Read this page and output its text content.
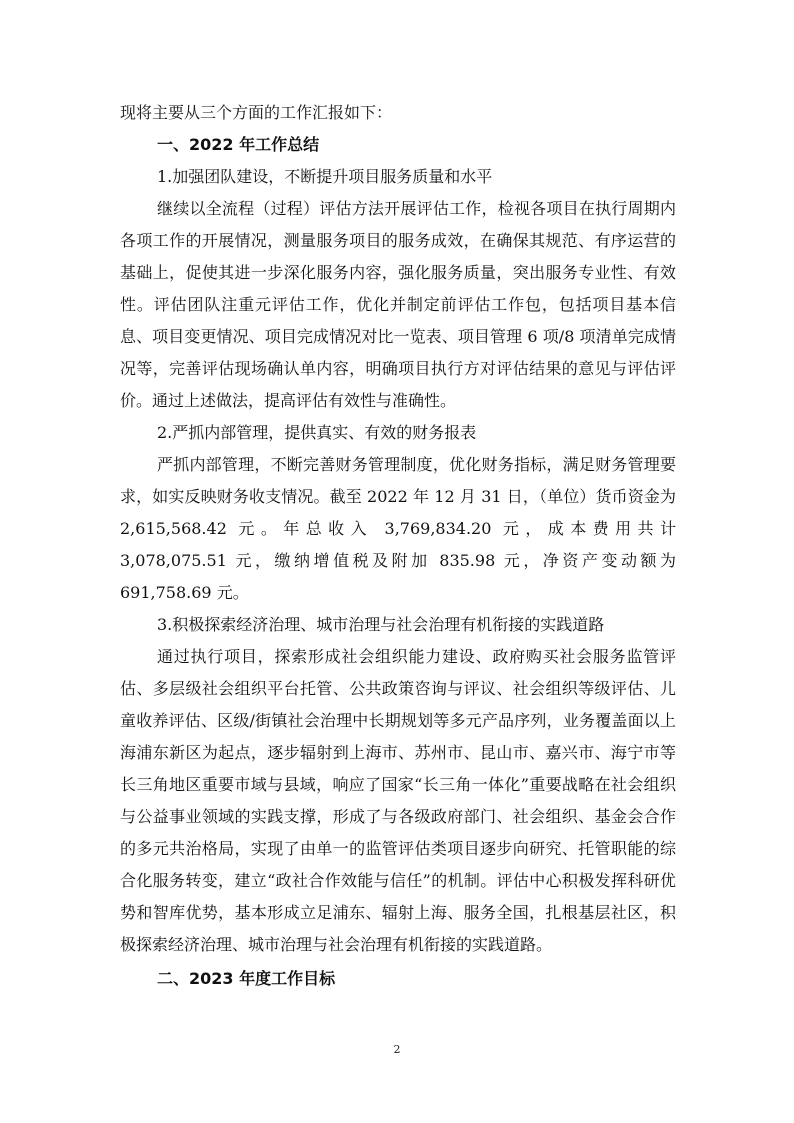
现将主要从三个方面的工作汇报如下：
一、2022 年工作总结
1.加强团队建设，不断提升项目服务质量和水平

继续以全流程（过程）评估方法开展评估工作，检视各项目在执行周期内各项工作的开展情况，测量服务项目的服务成效，在确保其规范、有序运营的基础上，促使其进一步深化服务内容，强化服务质量，突出服务专业性、有效性。评估团队注重元评估工作，优化并制定前评估工作包，包括项目基本信息、项目变更情况、项目完成情况对比一览表、项目管理 6 项/8 项清单完成情况等，完善评估现场确认单内容，明确项目执行方对评估结果的意见与评估评价。通过上述做法，提高评估有效性与准确性。

2.严抓内部管理，提供真实、有效的财务报表

严抓内部管理，不断完善财务管理制度，优化财务指标，满足财务管理要求，如实反映财务收支情况。截至 2022 年 12 月 31 日，（单位）货币资金为 2,615,568.42 元。年总收入 3,769,834.20 元，成本费用共计 3,078,075.51 元，缴纳增值税及附加 835.98 元，净资产变动额为 691,758.69 元。

3.积极探索经济治理、城市治理与社会治理有机衔接的实践道路

通过执行项目，探索形成社会组织能力建设、政府购买社会服务监管评估、多层级社会组织平台托管、公共政策咨询与评议、社会组织等级评估、儿童收养评估、区级/街镇社会治理中长期规划等多元产品序列，业务覆盖面以上海浦东新区为起点，逐步辐射到上海市、苏州市、昆山市、嘉兴市、海宁市等长三角地区重要市域与县域，响应了国家“长三角一体化”重要战略在社会组织与公益事业领域的实践支撑，形成了与各级政府部门、社会组织、基金会合作的多元共治格局，实现了由单一的监管评估类项目逐步向研究、托管职能的综合化服务转变，建立“政社合作效能与信任”的机制。评估中心积极发挥科研优势和智库优势，基本形成立足浦东、辐射上海、服务全国，扎根基层社区，积极探索经济治理、城市治理与社会治理有机衔接的实践道路。

二、2023 年度工作目标
2
